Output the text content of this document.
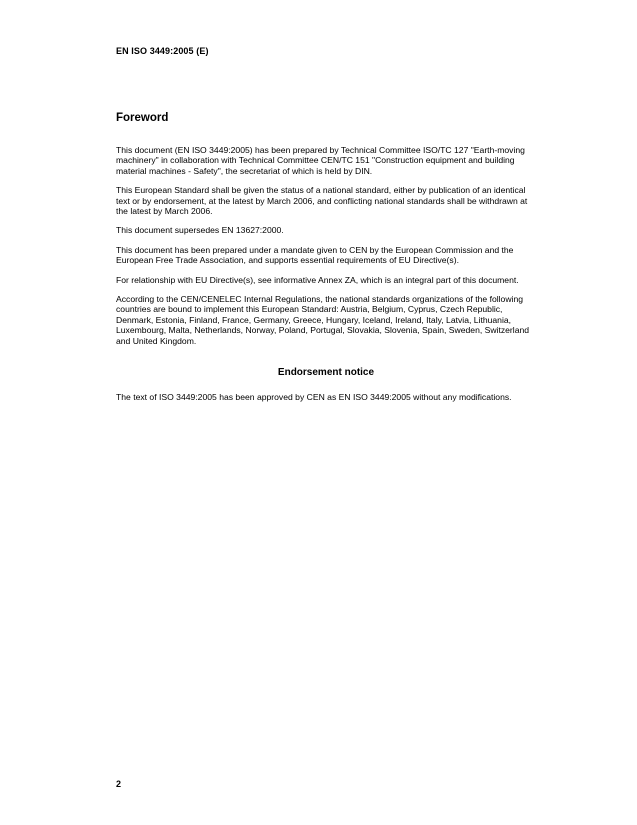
EN ISO 3449:2005 (E)
Foreword

This document (EN ISO 3449:2005) has been prepared by Technical Committee ISO/TC 127 "Earth-moving machinery" in collaboration with Technical Committee CEN/TC 151 "Construction equipment and building material machines - Safety", the secretariat of which is held by DIN.

This European Standard shall be given the status of a national standard, either by publication of an identical text or by endorsement, at the latest by March 2006, and conflicting national standards shall be withdrawn at the latest by March 2006.

This document supersedes EN 13627:2000.

This document has been prepared under a mandate given to CEN by the European Commission and the European Free Trade Association, and supports essential requirements of EU Directive(s).

For relationship with EU Directive(s), see informative Annex ZA, which is an integral part of this document.

According to the CEN/CENELEC Internal Regulations, the national standards organizations of the following countries are bound to implement this European Standard: Austria, Belgium, Cyprus, Czech Republic, Denmark, Estonia, Finland, France, Germany, Greece, Hungary, Iceland, Ireland, Italy, Latvia, Lithuania, Luxembourg, Malta, Netherlands, Norway, Poland, Portugal, Slovakia, Slovenia, Spain, Sweden, Switzerland and United Kingdom.

Endorsement notice

The text of ISO 3449:2005 has been approved by CEN as EN ISO 3449:2005 without any modifications.

2
